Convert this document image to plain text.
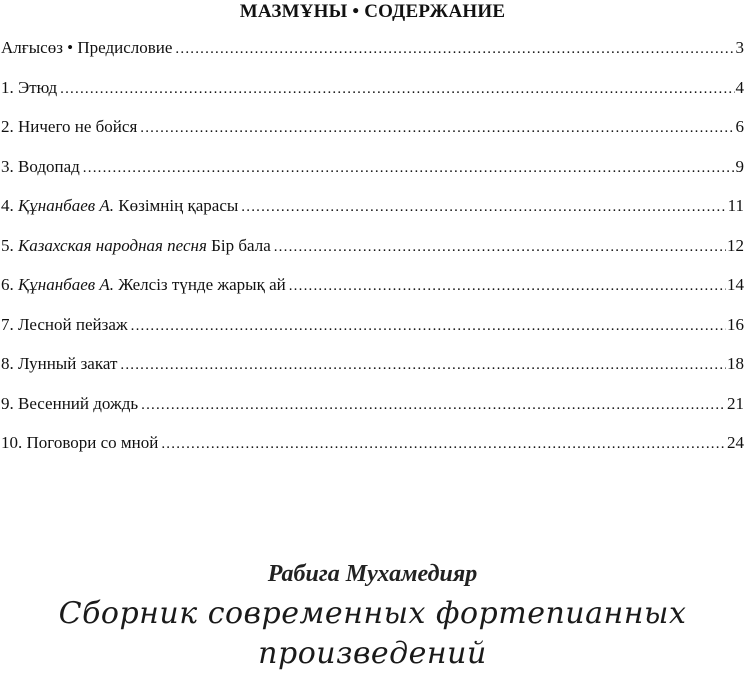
МАЗМҰНЫ • СОДЕРЖАНИЕ
Алғысөз • Предисловие .....	3
1. Этюд .....	4
2. Ничего не бойся .....	6
3. Водопад .....	9
4. Құнанбаев А. Көзімнің қарасы .....	11
5. Казахская народная песня Бір бала .....	12
6. Құнанбаев А. Желсіз түнде жарық ай .....	14
7. Лесной пейзаж .....	16
8. Лунный закат .....	18
9. Весенний дождь .....	21
10. Поговори со мной .....	24
Рабига Мухамедияр
Сборник современных фортепианных произведений
